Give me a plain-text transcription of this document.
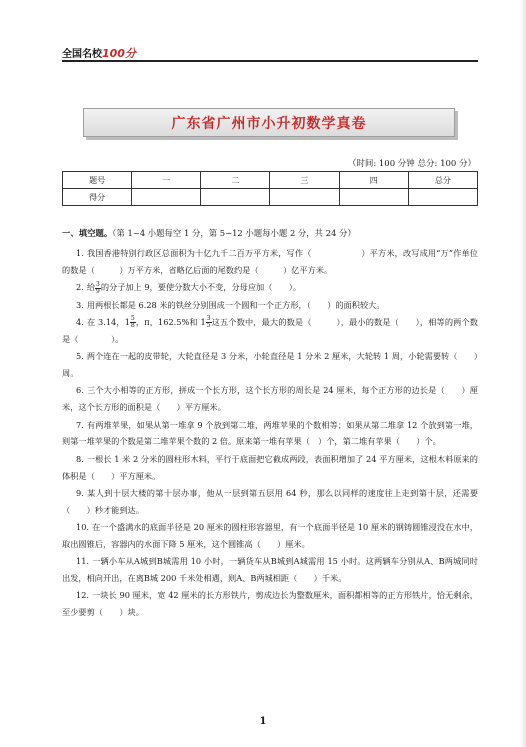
全国名校100分
广东省广州市小升初数学真卷
（时间: 100 分钟 总分: 100 分）
题号	一	二	三	四	总分
得分					
一、填空题。（第 1~4 小题每空 1 分，第 5~12 小题每小题 2 分，共 24 分）

1. 我国香港特别行政区总面积为十亿九千二百万平方米，写作（　　　　　　）平方米，改写成用“万”作单位的数是（　　　）万平方米，省略亿后面的尾数约是（　　　）亿平方米。

2. 给 $\frac{3}{9}$ 的分子加上 9，要使分数大小不变，分母应加（　　）。

3. 用两根长都是 6.28 米的铁丝分别围成一个圆和一个正方形，（　　）的面积较大。

4. 在 3.14，$1 \frac{5}{8}$ ，π，162.5%和 $1 \frac{3}{5}$ 这五个数中，最大的数是（　　　），最小的数是（　　），相等的两个数是（　　　　）。

5. 两个连在一起的皮带轮，大轮直径是 3 分米，小轮直径是 1 分米 2 厘米，大轮转 1 周，小轮需要转（　　）周。

6. 三个大小相等的正方形，拼成一个长方形，这个长方形的周长是 24 厘米，每个正方形的边长是（　　）厘米，这个长方形的面积是（　　）平方厘米。

7. 有两堆苹果，如果从第一堆拿 9 个放到第二堆，两堆苹果的个数相等；如果从第二堆拿 12 个放到第一堆，则第一堆苹果的个数是第二堆苹果个数的 2 倍。原来第一堆有苹果（　）个，第二堆有苹果（　　）个。

8. 一根长 1 米 2 分米的圆柱形木料，平行于底面把它截成两段，表面积增加了 24 平方厘米，这根木料原来的体积是（　　）平方厘米。

9. 某人到十层大楼的第十层办事，他从一层到第五层用 64 秒，那么以同样的速度往上走到第十层，还需要（　　）秒才能到达。

10. 在一个盛满水的底面半径是 20 厘米的圆柱形容器里，有一个底面半径是 10 厘米的钢铸圆锥浸没在水中，取出圆锥后，容器内的水面下降 5 厘米，这个圆锥高（　　）厘米。

11. 一辆小车从A城到B城需用 10 小时，一辆货车从B城到A城需用 15 小时。这两辆车分别从A、B两城同时出发，相向开出，在离B城 200 千米处相遇，则A、B两城相距（　　）千米。

12. 一块长 90 厘米，宽 42 厘米的长方形铁片，剪成边长为整数厘米，面积都相等的正方形铁片，恰无剩余，至少要剪（　　）块。

1
